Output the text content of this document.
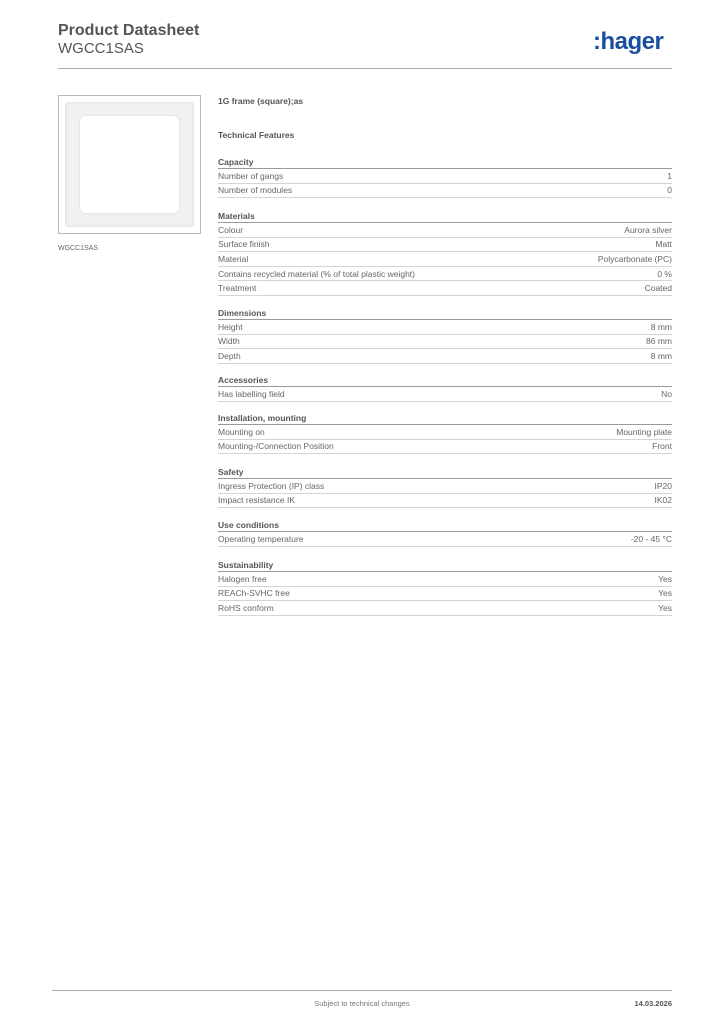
Product Datasheet
WGCC1SAS	:hager
WGCC1SAS
1G frame (square);as
Technical Features
Capacity
Number of gangs	1
Number of modules	0
Materials
Colour	Aurora silver
Surface finish	Matt
Material	Polycarbonate (PC)
Contains recycled material (% of total plastic weight)	0 %
Treatment	Coated
Dimensions
Height	8 mm
Width	86 mm
Depth	8 mm
Accessories
Has labelling field	No
Installation, mounting
Mounting on	Mounting plate
Mounting-/Connection Position	Front
Safety
Ingress Protection (IP) class	IP20
Impact resistance IK	IK02
Use conditions
Operating temperature	-20 - 45 °C
Sustainability
Halogen free	Yes
REACh-SVHC free	Yes
RoHS conform	Yes
Subject to technical changes	14.03.2026
